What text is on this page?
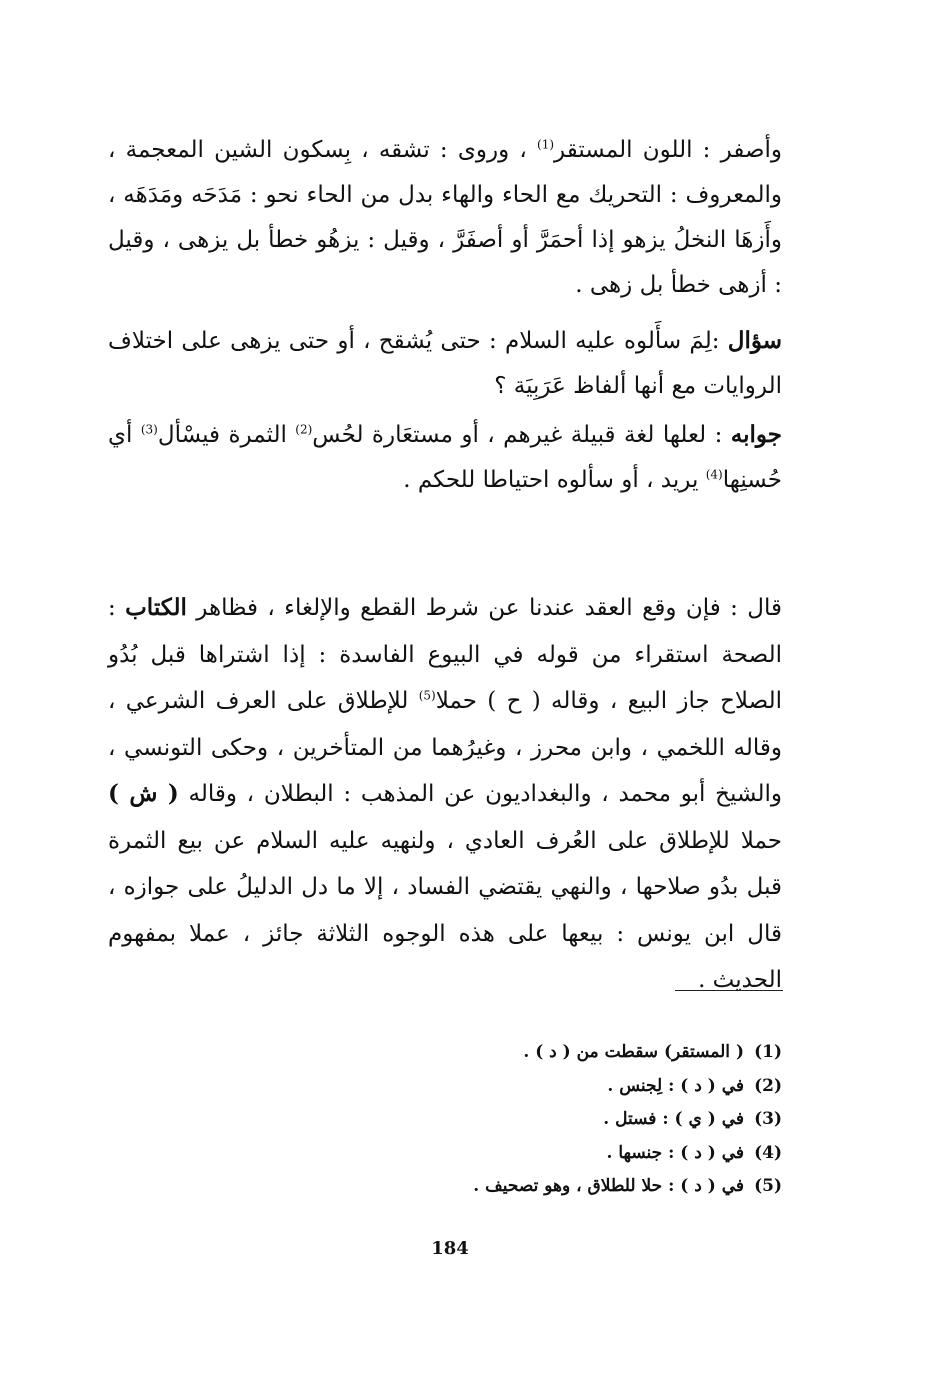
وأصفر : اللون المستقر$^{(1)}$ ، وروى : تشقه ، بِسكون الشين المعجمة ، والمعروف : التحريك مع الحاء والهاء بدل من الحاء نحو : مَدَحَه ومَدَهَه ، وأَزهَا النخلُ يزهو إذا أحمَرَّ أو أصفَرَّ ، وقيل : يزهُو خطأ بل يزهى ، وقيل : أزهى خطأ بل زهى .

سؤال :لِمَ سأَلوه عليه السلام : حتى يُشقح ، أو حتى يزهى على اختلاف الروايات مع أنها ألفاظ عَرَبِيَة ؟

جوابه : لعلها لغة قبيلة غيرهم ، أو مستعَارة لحُس$^{(2)}$ الثمرة فيسْأل$^{(3)}$ أي حُسنِها$^{(4)}$ يريد ، أو سألوه احتياطا للحكم .

قال : فإن وقع العقد عندنا عن شرط القطع والإلغاء ، فظاهر الكتاب : الصحة استقراء من قوله في البيوع الفاسدة : إذا اشتراها قبل بُدُو الصلاح جاز البيع ، وقاله ( ح ) حملا$^{(5)}$ للإطلاق على العرف الشرعي ، وقاله اللخمي ، وابن محرز ، وغيرُهما من المتأخرين ، وحكى التونسي ، والشيخ أبو محمد ، والبغداديون عن المذهب : البطلان ، وقاله ( ش ) حملا للإطلاق على العُرف العادي ، ولنهيه عليه السلام عن بيع الثمرة قبل بدُو صلاحها ، والنهي يقتضي الفساد ، إلا ما دل الدليلُ على جوازه ، قال ابن يونس : بيعها على هذه الوجوه الثلاثة جائز ، عملا بمفهوم الحديث .

(1)( المستقر) سقطت من ( د ) .
(2)في ( د ) : لِجنس .
(3)في ( ي ) : فستل .
(4)في ( د ) : جنسها .
(5)في ( د ) : حلا للطلاق ، وهو تصحيف .
184
